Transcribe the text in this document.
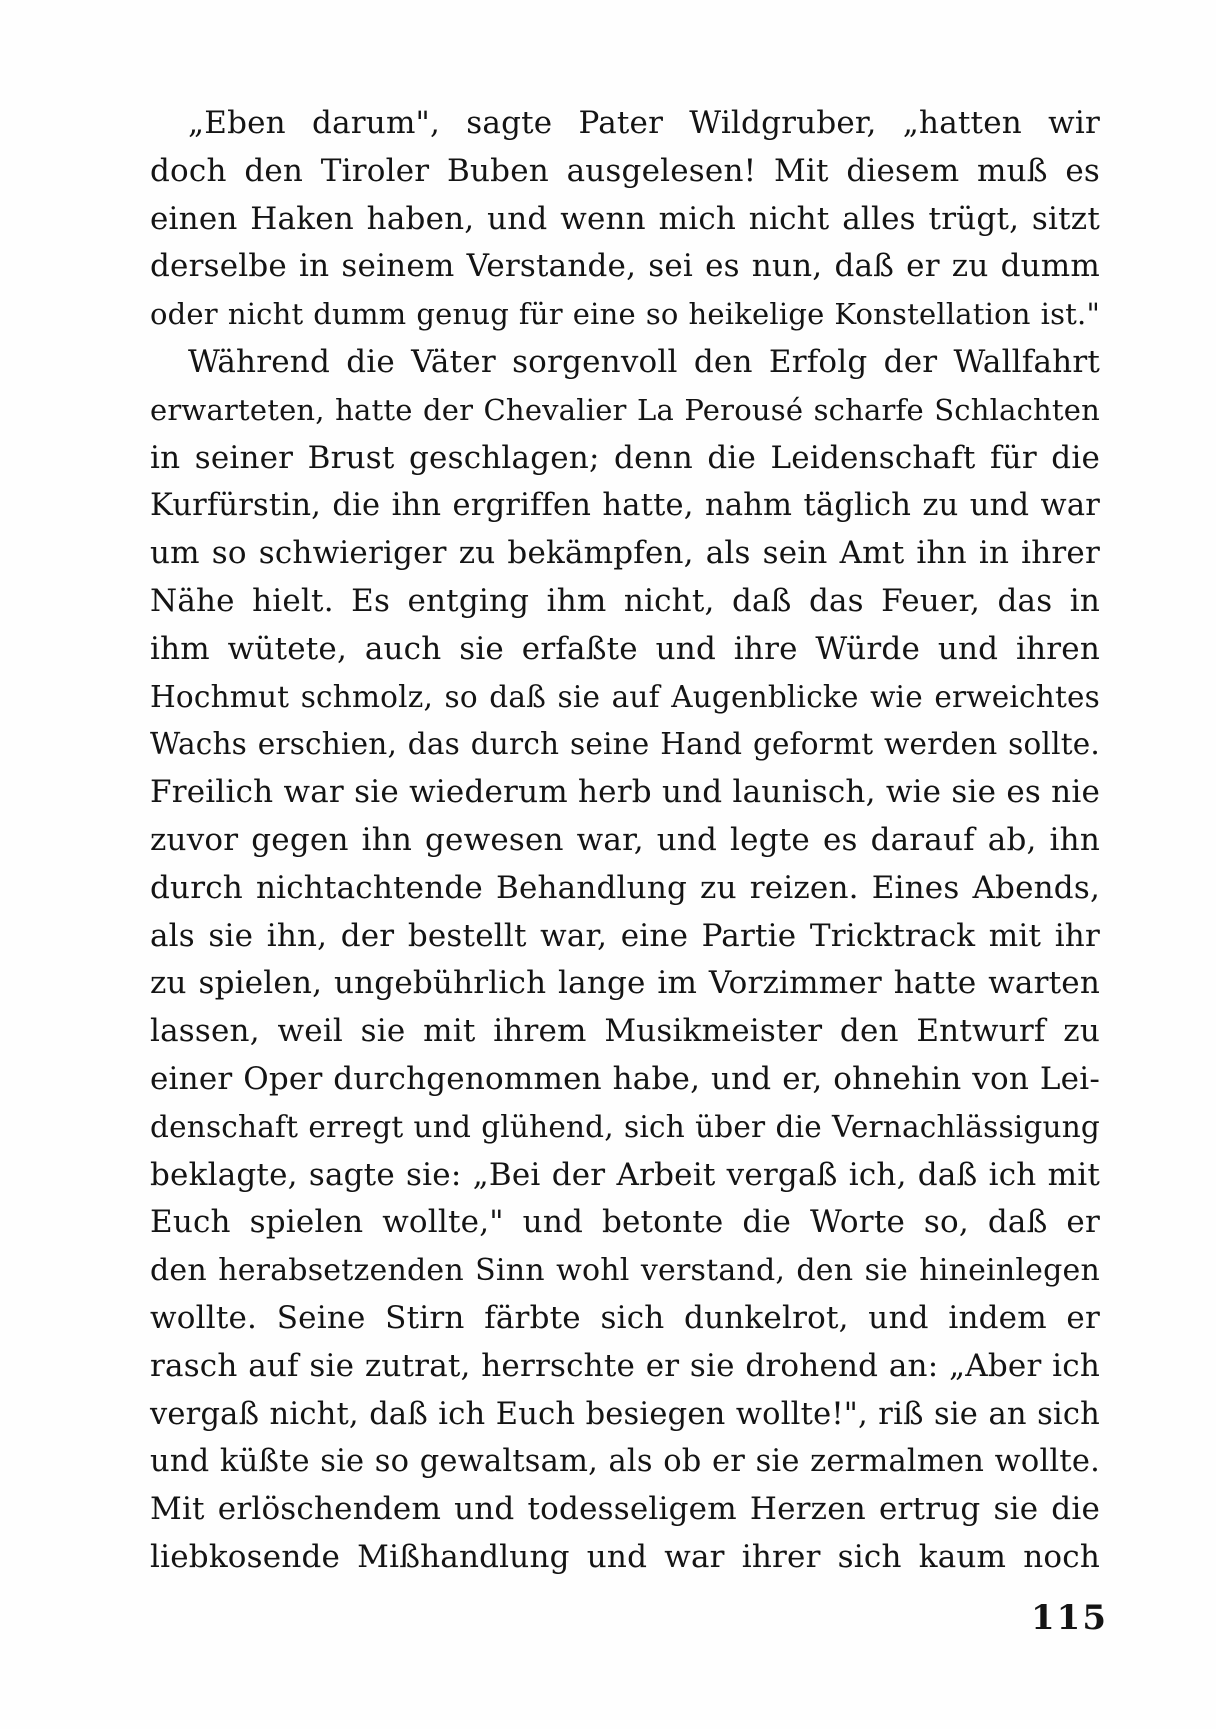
„Eben darum", sagte Pater Wildgruber, „hatten wir
doch den Tiroler Buben ausgelesen! Mit diesem muß es
einen Haken haben, und wenn mich nicht alles trügt, sitzt
derselbe in seinem Verstande, sei es nun, daß er zu dumm
oder nicht dumm genug für eine so heikelige Konstellation ist."
Während die Väter sorgenvoll den Erfolg der Wallfahrt
erwarteten, hatte der Chevalier La Perousé scharfe Schlachten
in seiner Brust geschlagen; denn die Leidenschaft für die
Kurfürstin, die ihn ergriffen hatte, nahm täglich zu und war
um so schwieriger zu bekämpfen, als sein Amt ihn in ihrer
Nähe hielt. Es entging ihm nicht, daß das Feuer, das in
ihm wütete, auch sie erfaßte und ihre Würde und ihren
Hochmut schmolz, so daß sie auf Augenblicke wie erweichtes
Wachs erschien, das durch seine Hand geformt werden sollte.
Freilich war sie wiederum herb und launisch, wie sie es nie
zuvor gegen ihn gewesen war, und legte es darauf ab, ihn
durch nichtachtende Behandlung zu reizen. Eines Abends,
als sie ihn, der bestellt war, eine Partie Tricktrack mit ihr
zu spielen, ungebührlich lange im Vorzimmer hatte warten
lassen, weil sie mit ihrem Musikmeister den Entwurf zu
einer Oper durchgenommen habe, und er, ohnehin von Lei-
denschaft erregt und glühend, sich über die Vernachlässigung
beklagte, sagte sie: „Bei der Arbeit vergaß ich, daß ich mit
Euch spielen wollte," und betonte die Worte so, daß er
den herabsetzenden Sinn wohl verstand, den sie hineinlegen
wollte. Seine Stirn färbte sich dunkelrot, und indem er
rasch auf sie zutrat, herrschte er sie drohend an: „Aber ich
vergaß nicht, daß ich Euch besiegen wollte!", riß sie an sich
und küßte sie so gewaltsam, als ob er sie zermalmen wollte.
Mit erlöschendem und todesseligem Herzen ertrug sie die
liebkosende Mißhandlung und war ihrer sich kaum noch
115
